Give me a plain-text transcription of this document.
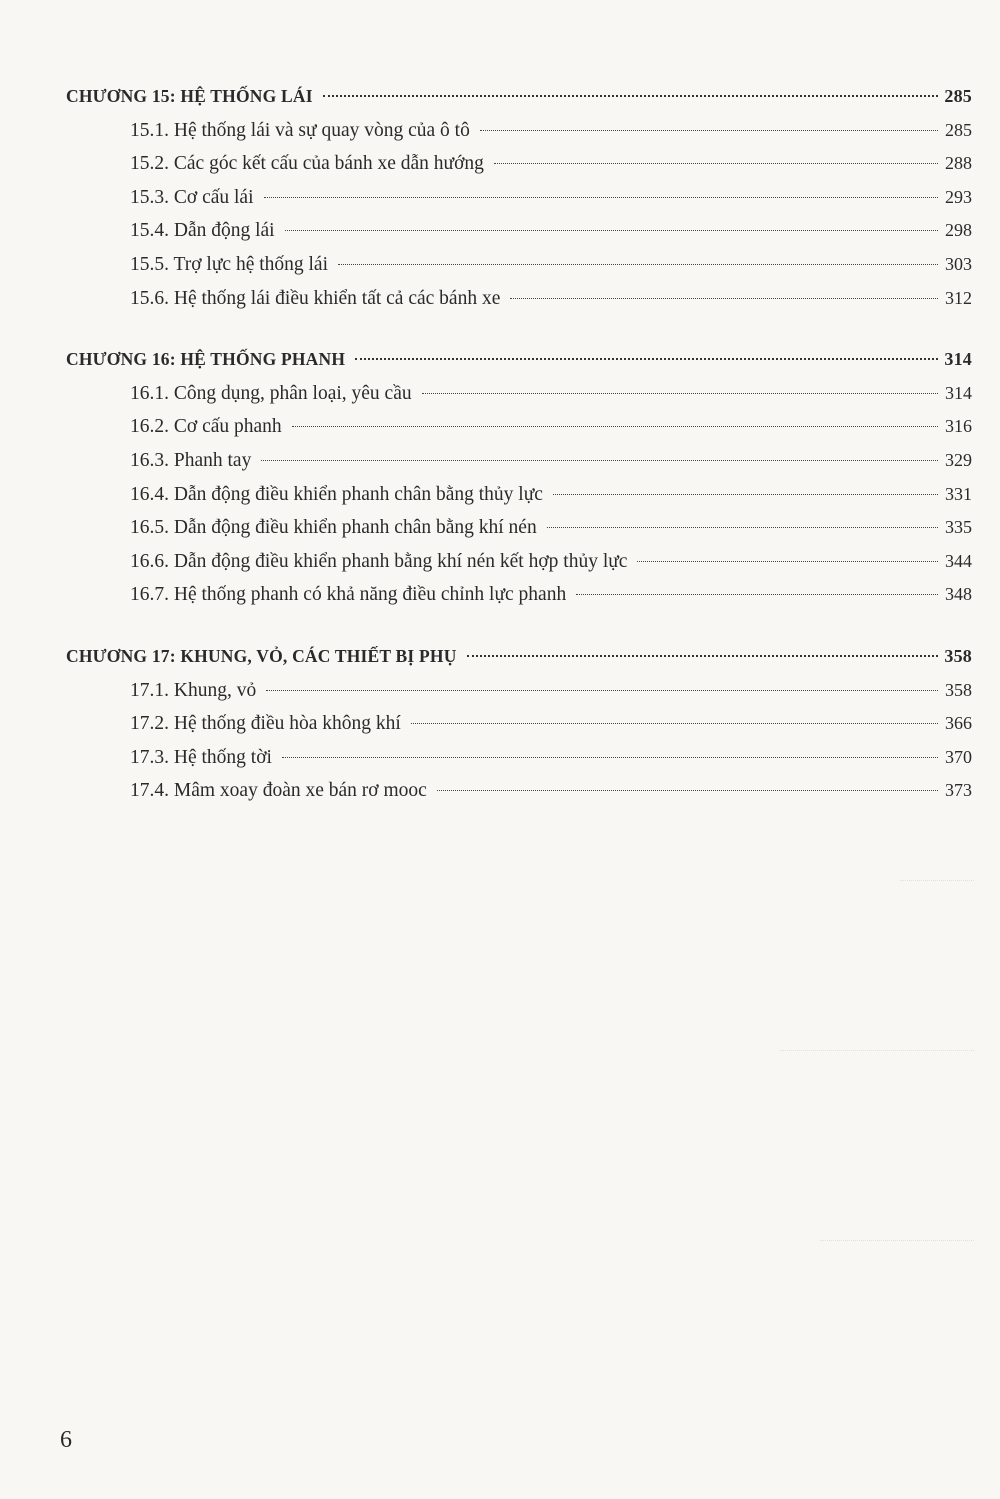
CHƯƠNG 15: HỆ THỐNG LÁI	285
15.1. Hệ thống lái và sự quay vòng của ô tô	285
15.2. Các góc kết cấu của bánh xe dẫn hướng	288
15.3. Cơ cấu lái	293
15.4. Dẫn động lái	298
15.5. Trợ lực hệ thống lái	303
15.6. Hệ thống lái điều khiển tất cả các bánh xe	312
CHƯƠNG 16: HỆ THỐNG PHANH	314
16.1. Công dụng, phân loại, yêu cầu	314
16.2. Cơ cấu phanh	316
16.3. Phanh tay	329
16.4. Dẫn động điều khiển phanh chân bằng thủy lực	331
16.5. Dẫn động điều khiển phanh chân bằng khí nén	335
16.6. Dẫn động điều khiển phanh bằng khí nén kết hợp thủy lực	344
16.7. Hệ thống phanh có khả năng điều chỉnh lực phanh	348
CHƯƠNG 17: KHUNG, VỎ, CÁC THIẾT BỊ PHỤ	358
17.1. Khung, vỏ	358
17.2. Hệ thống điều hòa không khí	366
17.3. Hệ thống tời	370
17.4. Mâm xoay đoàn xe bán rơ mooc	373
6
